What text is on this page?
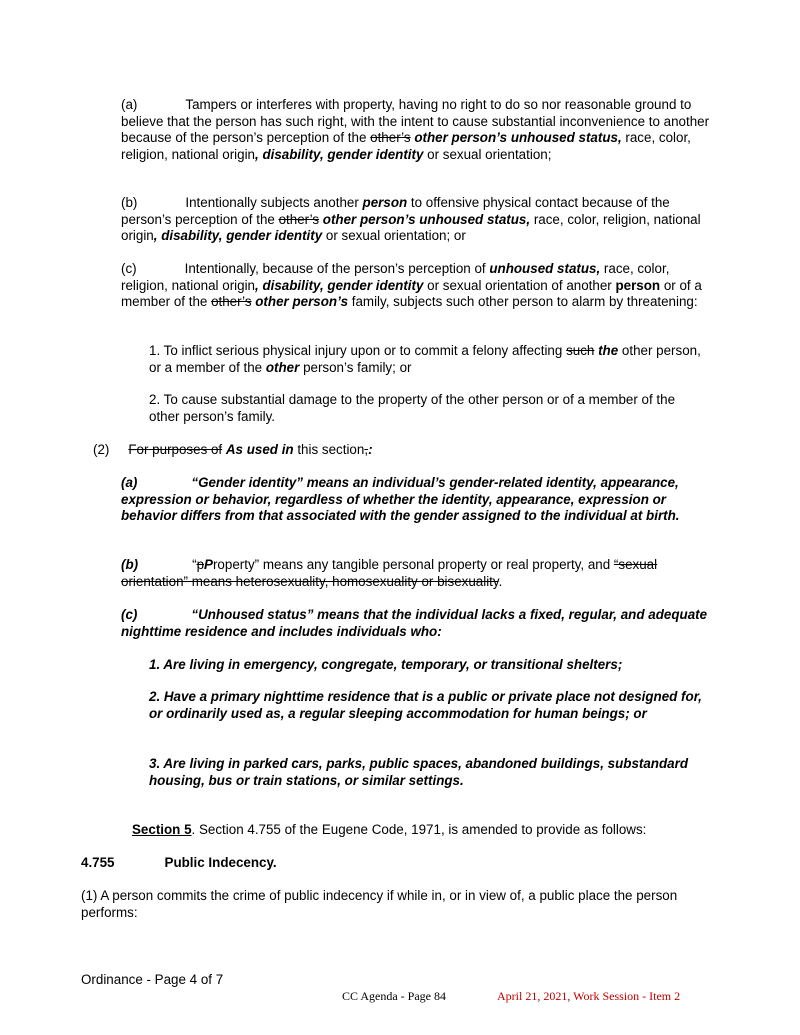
(a)	Tampers or interferes with property, having no right to do so nor reasonable ground to believe that the person has such right, with the intent to cause substantial inconvenience to another because of the person’s perception of the other’s other person’s unhoused status, race, color, religion, national origin, disability, gender identity or sexual orientation;

(b)	Intentionally subjects another person to offensive physical contact because of the person’s perception of the other’s other person’s unhoused status, race, color, religion, national origin, disability, gender identity or sexual orientation; or

(c)	Intentionally, because of the person’s perception of unhoused status, race, color, religion, national origin, disability, gender identity or sexual orientation of another person or of a member of the other’s other person’s family, subjects such other person to alarm by threatening:

1. To inflict serious physical injury upon or to commit a felony affecting such the other person, or a member of the other person’s family; or

2. To cause substantial damage to the property of the other person or of a member of the other person’s family.

(2) For purposes of As used in this section,:

(a)	“Gender identity” means an individual’s gender-related identity, appearance, expression or behavior, regardless of whether the identity, appearance, expression or behavior differs from that associated with the gender assigned to the individual at birth.

(b)	“pProperty” means any tangible personal property or real property, and “sexual orientation” means heterosexuality, homosexuality or bisexuality.

(c)	“Unhoused status” means that the individual lacks a fixed, regular, and adequate nighttime residence and includes individuals who:

1. Are living in emergency, congregate, temporary, or transitional shelters;

2. Have a primary nighttime residence that is a public or private place not designed for, or ordinarily used as, a regular sleeping accommodation for human beings; or

3. Are living in parked cars, parks, public spaces, abandoned buildings, substandard housing, bus or train stations, or similar settings.

Section 5. Section 4.755 of the Eugene Code, 1971, is amended to provide as follows:

4.755	Public Indecency.

(1) A person commits the crime of public indecency if while in, or in view of, a public place the person performs:

Ordinance - Page 4 of 7
CC Agenda - Page 84	April 21, 2021, Work Session - Item 2
